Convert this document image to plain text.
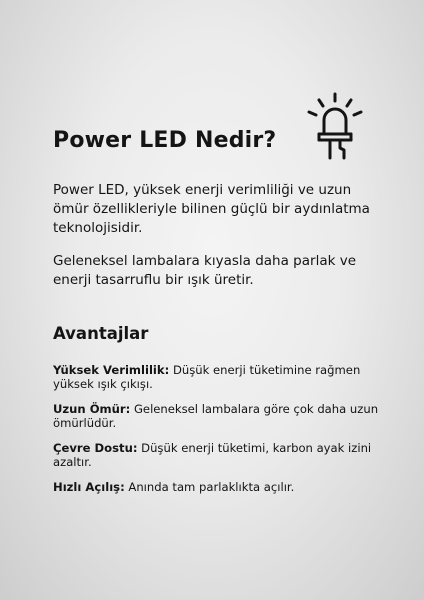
Power LED Nedir?

Power LED, yüksek enerji verimliliği ve uzun ömür özellikleriyle bilinen güçlü bir aydınlatma teknolojisidir.

Geleneksel lambalara kıyasla daha parlak ve enerji tasarruflu bir ışık üretir.

Avantajlar
Yüksek Verimlilik: Düşük enerji tüketimine rağmen yüksek ışık çıkışı.
Uzun Ömür: Geleneksel lambalara göre çok daha uzun ömürlüdür.
Çevre Dostu: Düşük enerji tüketimi, karbon ayak izini azaltır.
Hızlı Açılış: Anında tam parlaklıkta açılır.
